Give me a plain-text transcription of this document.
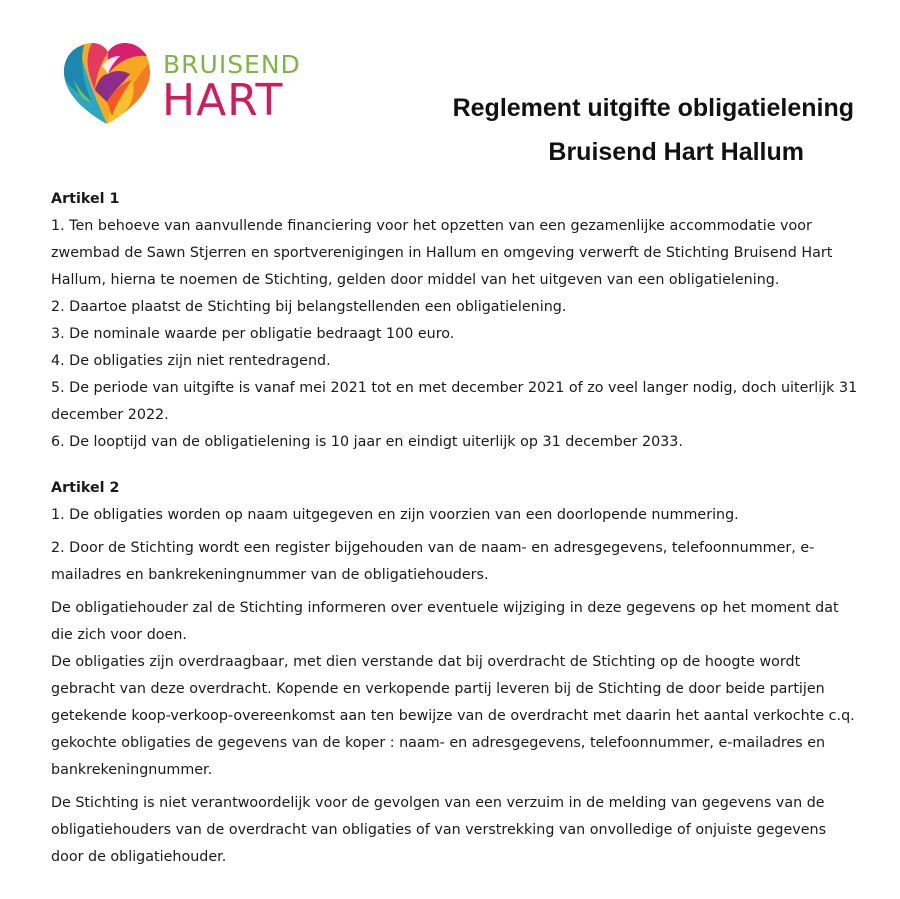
BRUISEND
HART	Reglement uitgifte obligatielening
Bruisend Hart Hallum

Artikel 1

1. Ten behoeve van aanvullende financiering voor het opzetten van een gezamenlijke accommodatie voor zwembad de Sawn Stjerren en sportverenigingen in Hallum en omgeving verwerft de Stichting Bruisend Hart Hallum, hierna te noemen de Stichting, gelden door middel van het uitgeven van een obligatielening.

2. Daartoe plaatst de Stichting bij belangstellenden een obligatielening.

3. De nominale waarde per obligatie bedraagt 100 euro.

4. De obligaties zijn niet rentedragend.

5. De periode van uitgifte is vanaf mei 2021 tot en met december 2021 of zo veel langer nodig, doch uiterlijk 31 december 2022.

6. De looptijd van de obligatielening is 10 jaar en eindigt uiterlijk op 31 december 2033.

Artikel 2

1. De obligaties worden op naam uitgegeven en zijn voorzien van een doorlopende nummering.

2. Door de Stichting wordt een register bijgehouden van de naam- en adresgegevens, telefoonnummer, e-mailadres en bankrekeningnummer van de obligatiehouders.

De obligatiehouder zal de Stichting informeren over eventuele wijziging in deze gegevens op het moment dat die zich voor doen.

De obligaties zijn overdraagbaar, met dien verstande dat bij overdracht de Stichting op de hoogte wordt gebracht van deze overdracht. Kopende en verkopende partij leveren bij de Stichting de door beide partijen getekende koop-verkoop-overeenkomst aan ten bewijze van de overdracht met daarin het aantal verkochte c.q. gekochte obligaties de gegevens van de koper : naam- en adresgegevens, telefoonnummer, e-mailadres en bankrekeningnummer.

De Stichting is niet verantwoordelijk voor de gevolgen van een verzuim in de melding van gegevens van de obligatiehouders van de overdracht van obligaties of van verstrekking van onvolledige of onjuiste gegevens door de obligatiehouder.
